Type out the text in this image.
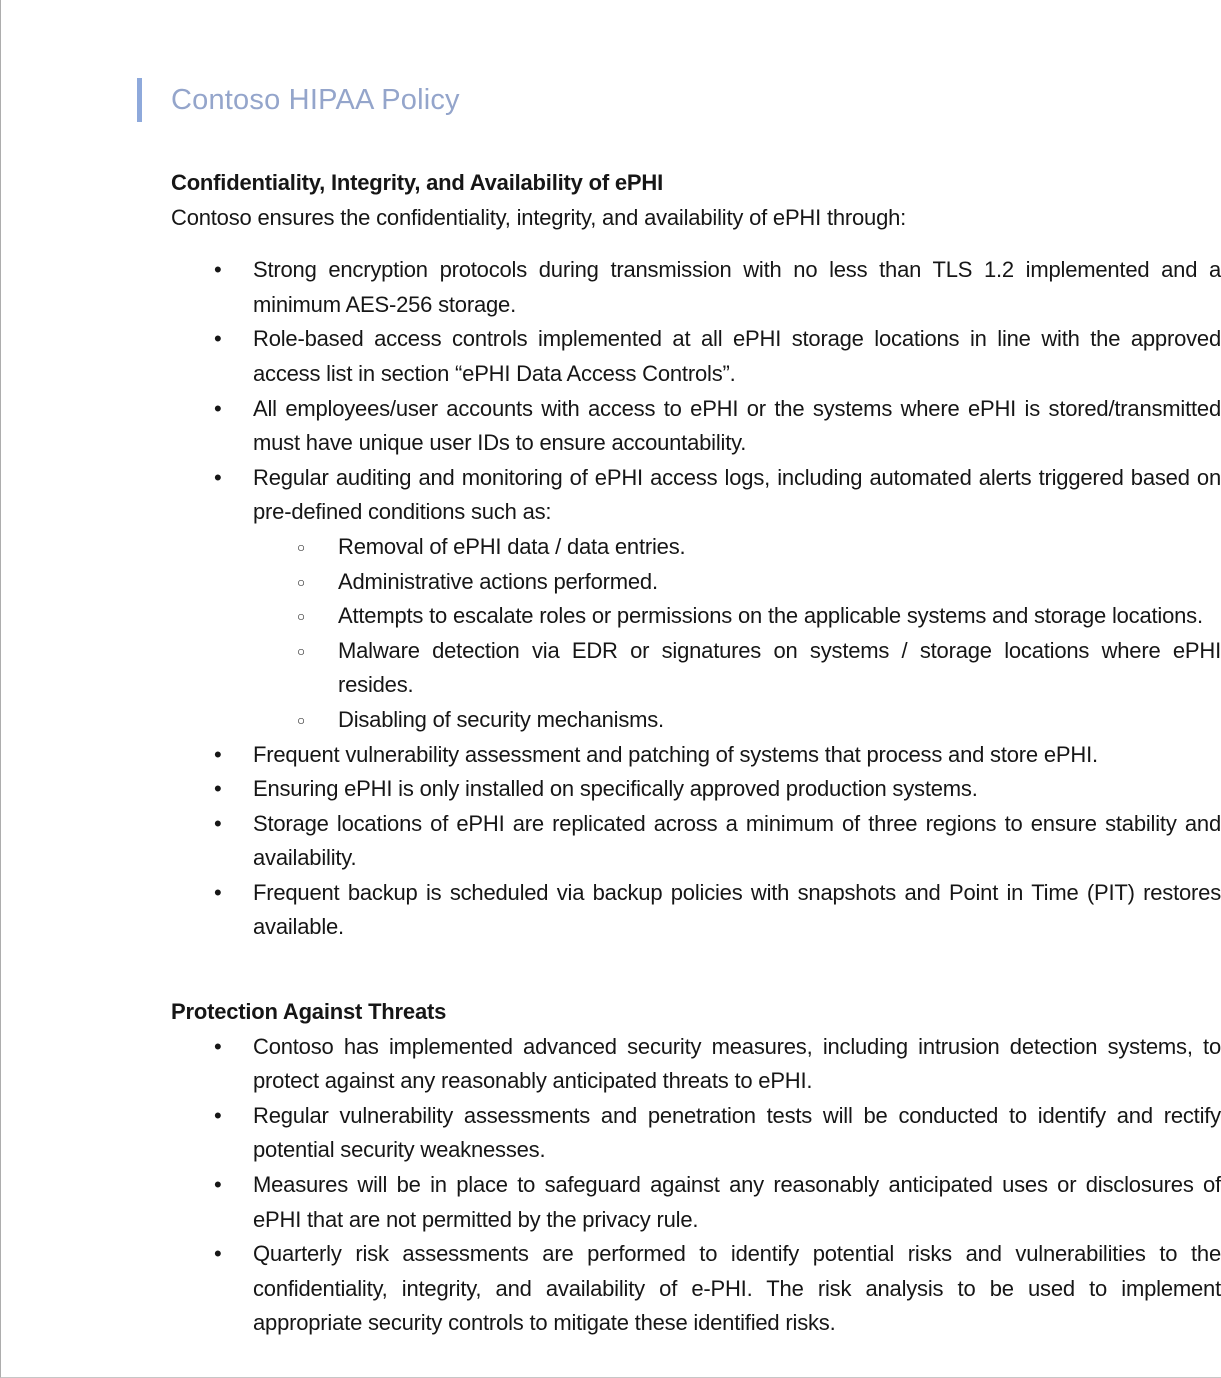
Contoso HIPAA Policy
Confidentiality, Integrity, and Availability of ePHI

Contoso ensures the confidentiality, integrity, and availability of ePHI through:

• Strong encryption protocols during transmission with no less than TLS 1.2 implemented and a minimum AES-256 storage.
• Role-based access controls implemented at all ePHI storage locations in line with the approved access list in section “ePHI Data Access Controls”.
• All employees/user accounts with access to ePHI or the systems where ePHI is stored/transmitted must have unique user IDs to ensure accountability.
• Regular auditing and monitoring of ePHI access logs, including automated alerts triggered based on pre-defined conditions such as:
○ Removal of ePHI data / data entries.
○ Administrative actions performed.
○ Attempts to escalate roles or permissions on the applicable systems and storage locations.
○ Malware detection via EDR or signatures on systems / storage locations where ePHI resides.
○ Disabling of security mechanisms.
• Frequent vulnerability assessment and patching of systems that process and store ePHI.
• Ensuring ePHI is only installed on specifically approved production systems.
• Storage locations of ePHI are replicated across a minimum of three regions to ensure stability and availability.
• Frequent backup is scheduled via backup policies with snapshots and Point in Time (PIT) restores available.
Protection Against Threats
• Contoso has implemented advanced security measures, including intrusion detection systems, to protect against any reasonably anticipated threats to ePHI.
• Regular vulnerability assessments and penetration tests will be conducted to identify and rectify potential security weaknesses.
• Measures will be in place to safeguard against any reasonably anticipated uses or disclosures of ePHI that are not permitted by the privacy rule.
• Quarterly risk assessments are performed to identify potential risks and vulnerabilities to the confidentiality, integrity, and availability of e-PHI. The risk analysis to be used to implement appropriate security controls to mitigate these identified risks.
